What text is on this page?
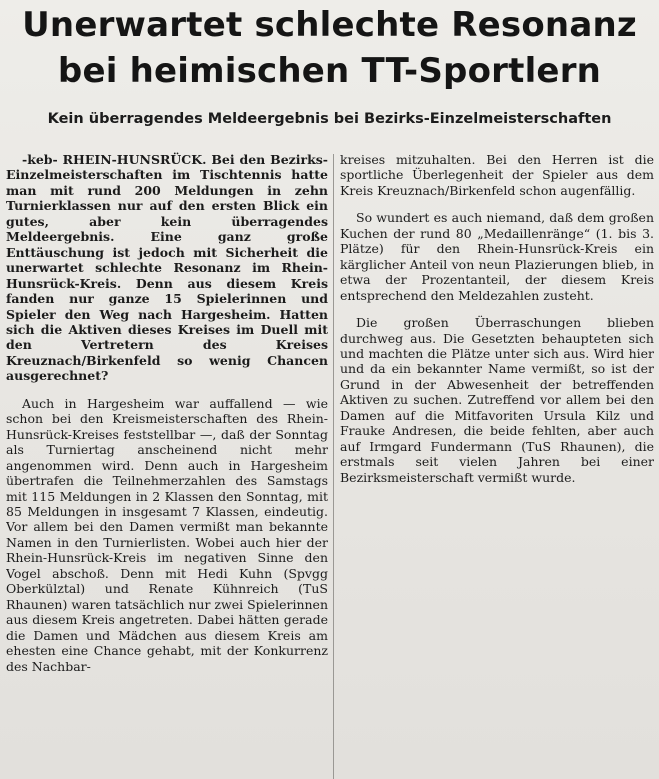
Unerwartet schlechte Resonanz
bei heimischen TT-Sportlern
Kein überragendes Meldeergebnis bei Bezirks-Einzelmeisterschaften

-keb- RHEIN-HUNSRÜCK. Bei den Bezirks-Einzelmeisterschaften im Tischtennis hatte man mit rund 200 Meldungen in zehn Turnierklassen nur auf den ersten Blick ein gutes, aber kein überragendes Meldeergebnis. Eine ganz große Enttäuschung ist jedoch mit Sicherheit die unerwartet schlechte Resonanz im Rhein-Hunsrück-Kreis. Denn aus diesem Kreis fanden nur ganze 15 Spielerinnen und Spieler den Weg nach Hargesheim. Hatten sich die Aktiven dieses Kreises im Duell mit den Vertretern des Kreises Kreuznach/Birkenfeld so wenig Chancen ausgerechnet?

Auch in Hargesheim war auffallend — wie schon bei den Kreismeisterschaften des Rhein-Hunsrück-Kreises feststellbar —, daß der Sonntag als Turniertag anscheinend nicht mehr angenommen wird. Denn auch in Hargesheim übertrafen die Teilnehmerzahlen des Samstags mit 115 Meldungen in 2 Klassen den Sonntag, mit 85 Meldungen in insgesamt 7 Klassen, eindeutig. Vor allem bei den Damen vermißt man bekannte Namen in den Turnierlisten. Wobei auch hier der Rhein-Hunsrück-Kreis im negativen Sinne den Vogel abschoß. Denn mit Hedi Kuhn (Spvgg Oberkülztal) und Renate Kühnreich (TuS Rhaunen) waren tatsächlich nur zwei Spielerinnen aus diesem Kreis angetreten. Dabei hätten gerade die Damen und Mädchen aus diesem Kreis am ehesten eine Chance gehabt, mit der Konkurrenz des Nachbar-

kreises mitzuhalten. Bei den Herren ist die sportliche Überlegenheit der Spieler aus dem Kreis Kreuznach/Birkenfeld schon augenfällig.

So wundert es auch niemand, daß dem großen Kuchen der rund 80 „Medaillenränge“ (1. bis 3. Plätze) für den Rhein-Hunsrück-Kreis ein kärglicher Anteil von neun Plazierungen blieb, in etwa der Prozentanteil, der diesem Kreis entsprechend den Meldezahlen zusteht.

Die großen Überraschungen blieben durchweg aus. Die Gesetzten behaupteten sich und machten die Plätze unter sich aus. Wird hier und da ein bekannter Name vermißt, so ist der Grund in der Abwesenheit der betreffenden Aktiven zu suchen. Zutreffend vor allem bei den Damen auf die Mitfavoriten Ursula Kilz und Frauke Andresen, die beide fehlten, aber auch auf Irmgard Fundermann (TuS Rhaunen), die erstmals seit vielen Jahren bei einer Bezirksmeisterschaft vermißt wurde.
